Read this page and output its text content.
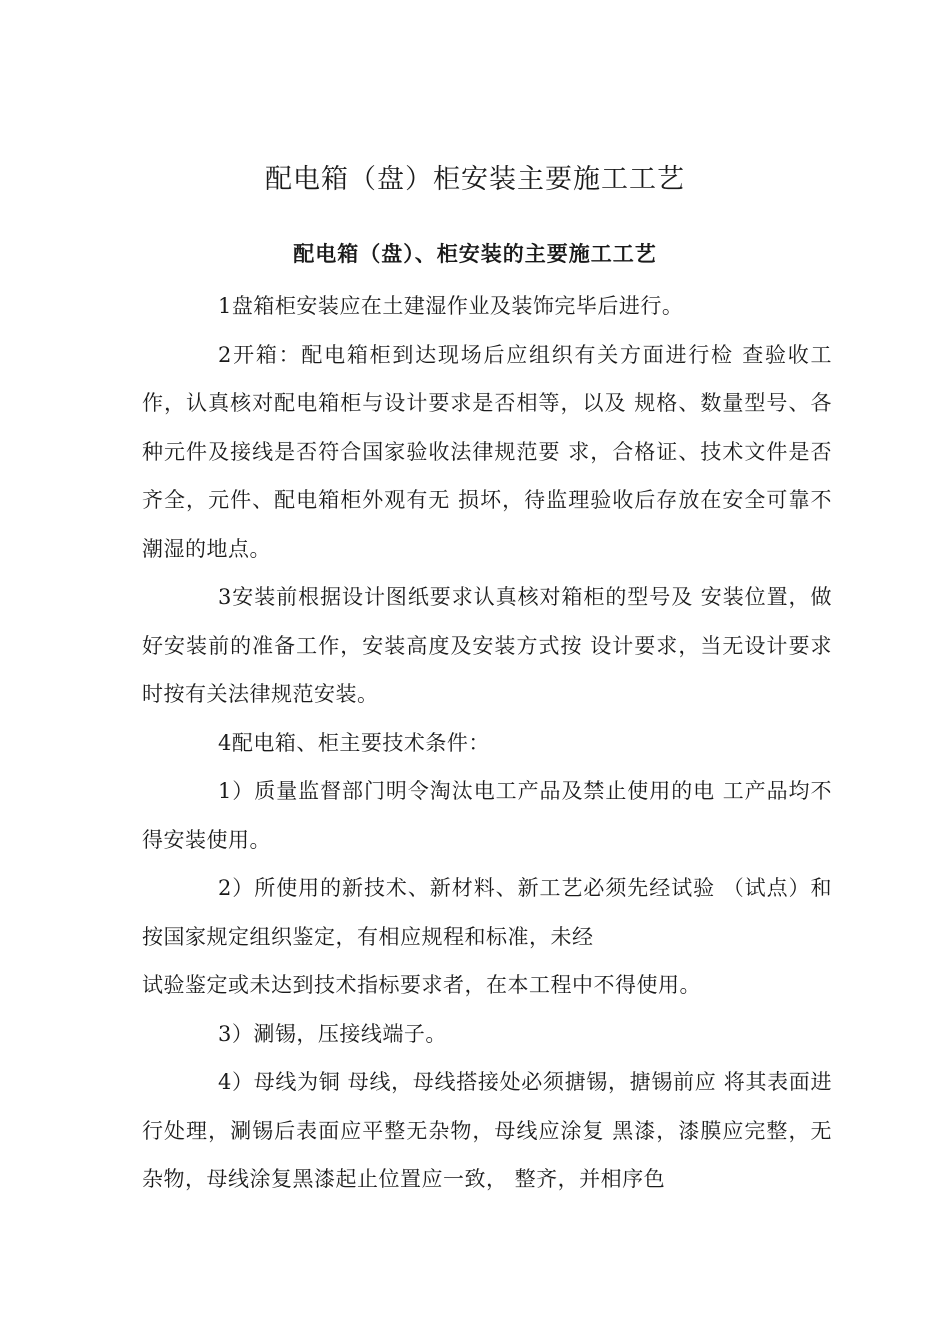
配电箱（盘）柜安装主要施工工艺
配电箱（盘）、柜安装的主要施工工艺

1盘箱柜安装应在土建湿作业及装饰完毕后进行。

2开箱：配电箱柜到达现场后应组织有关方面进行检 查验收工作，认真核对配电箱柜与设计要求是否相等，以及 规格、数量型号、各种元件及接线是否符合国家验收法律规范要 求，合格证、技术文件是否齐全，元件、配电箱柜外观有无 损坏，待监理验收后存放在安全可靠不潮湿的地点。

3安装前根据设计图纸要求认真核对箱柜的型号及 安装位置，做好安装前的准备工作，安装高度及安装方式按 设计要求，当无设计要求时按有关法律规范安装。

4配电箱、柜主要技术条件：

1）质量监督部门明令淘汰电工产品及禁止使用的电 工产品均不得安装使用。

2）所使用的新技术、新材料、新工艺必须先经试验 （试点）和按国家规定组织鉴定，有相应规程和标准，未经

试验鉴定或未达到技术指标要求者，在本工程中不得使用。

3）涮锡，压接线端子。

4）母线为铜 母线，母线搭接处必须搪锡，搪锡前应 将其表面进行处理，涮锡后表面应平整无杂物，母线应涂复 黑漆，漆膜应完整，无杂物，母线涂复黑漆起止位置应一致， 整齐，并相序色
